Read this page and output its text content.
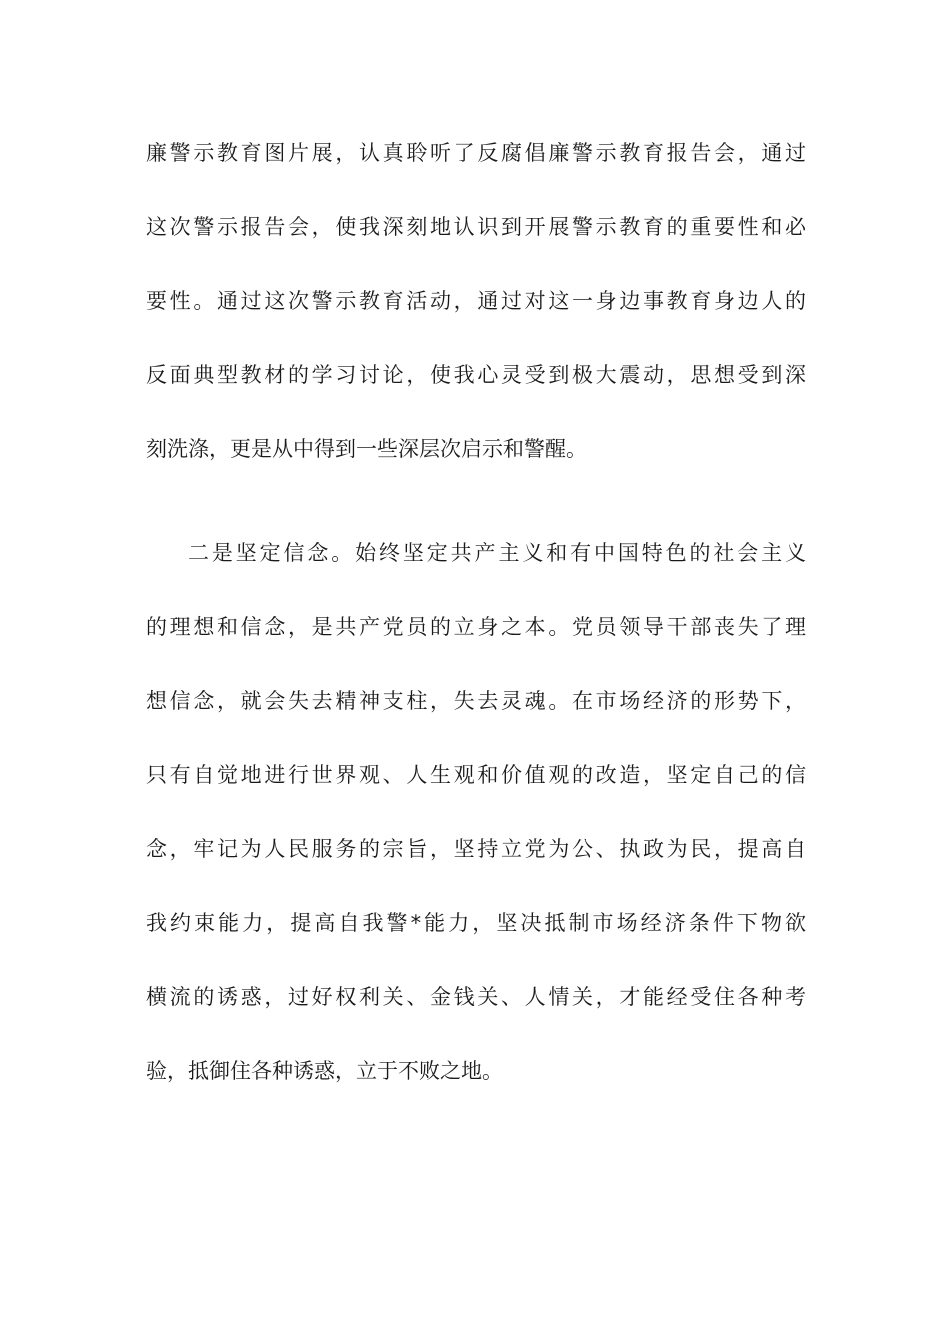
廉警示教育图片展，认真聆听了反腐倡廉警示教育报告会，通过
这次警示报告会，使我深刻地认识到开展警示教育的重要性和必
要性。通过这次警示教育活动，通过对这一身边事教育身边人的
反面典型教材的学习讨论，使我心灵受到极大震动，思想受到深
刻洗涤，更是从中得到一些深层次启示和警醒。
二是坚定信念。始终坚定共产主义和有中国特色的社会主义
的理想和信念，是共产党员的立身之本。党员领导干部丧失了理
想信念，就会失去精神支柱，失去灵魂。在市场经济的形势下，
只有自觉地进行世界观、人生观和价值观的改造，坚定自己的信
念，牢记为人民服务的宗旨，坚持立党为公、执政为民，提高自
我约束能力，提高自我警*能力，坚决抵制市场经济条件下物欲
横流的诱惑，过好权利关、金钱关、人情关，才能经受住各种考
验，抵御住各种诱惑，立于不败之地。
